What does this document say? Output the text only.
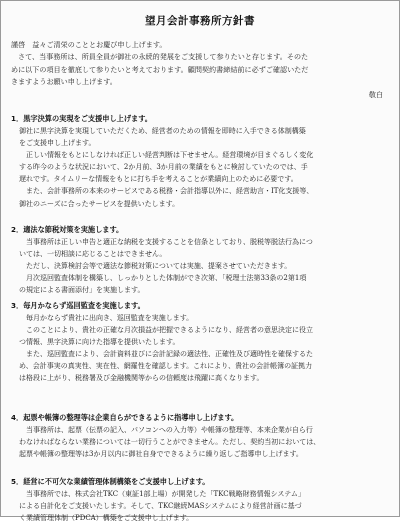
望月会計事務所方針書
謹啓　益々ご清栄のこととお慶び申し上げます。
さて、当事務所は、所員全員が御社の永続的発展をご支援して参りたいと存じます。そのた
めに以下の項目を徹底して参りたいと考えております。顧問契約書締結前に必ずご確認いただ
きますようお願い申し上げます。
敬白
1．黒字決算の実現をご支援申し上げます。
御社に黒字決算を実現していただくため、経営者のための情報を即時に入手できる体制構築
をご支援申し上げます。
正しい情報をもとにしなければ正しい経営判断は下せません。経営環境が目まぐるしく変化
する昨今のような状況において、2か月前、3か月前の業績をもとに検討していたのでは、手
遅れです。タイムリーな情報をもとに打ち手を考えることが業績向上のために必要です。
また、会計事務所の本来のサービスである税務・会計指導以外に、経営助言・IT化支援等、
御社のニーズに合ったサービスを提供いたします。
2．適法な節税対策を実施します。
当事務所は正しい申告と適正な納税を支援することを信条としており、脱税等脱法行為につ
いては、一切相談に応じることはできません。
ただし、決算検討会等で適法な節税対策については実施、提案させていただきます。
月次巡回監査体制を構築し、しっかりとした体制ができ次第、「税理士法第33条の2第1項
の規定による書面添付」を実施します。
3．毎月かならず巡回監査を実施します。
毎月かならず貴社に出向き、巡回監査を実施します。
このことにより、貴社の正確な月次損益が把握できるようになり、経営者の意思決定に役立
つ情報、黒字決算に向けた指導を提供いたします。
また、巡回監査により、会計資料並びに会計記録の適法性、正確性及び適時性を確保するた
め、会計事実の真実性、実在性、網羅性を確認します。これにより、貴社の会計帳簿の証拠力
は格段に上がり、税務署及び金融機関等からの信頼度は飛躍に高くなります。
4．起票や帳簿の整理等は企業自らができるように指導申し上げます。
当事務所は、起票（伝票の記入、パソコンへの入力等）や帳簿の整理等、本来企業が自ら行
わなければならない業務については一切行うことができません。ただし、契約当初においては、
起票や帳簿の整理等は3か月以内に御社自身でできるように繰り返しご指導申し上げます。
5．経営に不可欠な業績管理体制構築をご支援申し上げます。
当事務所では、株式会社TKC（東証1部上場）が開発した「TKC戦略財務情報システム」
による自計化をご支援いたします。そして、TKC継続MASシステムにより経営計画に基づ
く業績管理体制（PDCA）構築をご支援申し上げます。
